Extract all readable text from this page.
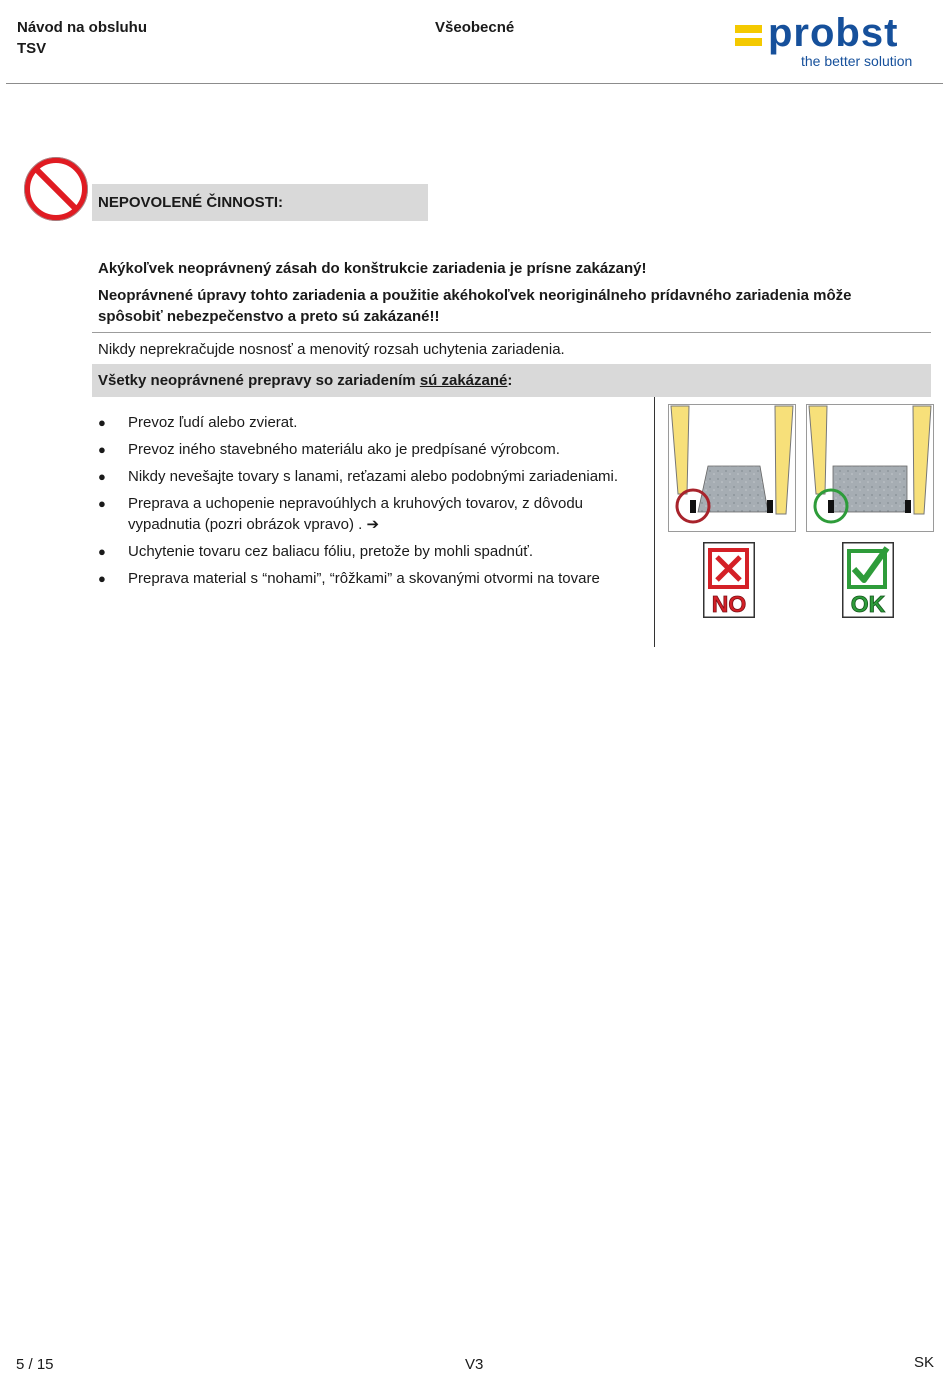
Návod na obsluhu
TSV
Všeobecné	probst
the better solution
NEPOVOLENÉ ČINNOSTI:
Akýkoľvek neoprávnený zásah do konštrukcie zariadenia je prísne zakázaný!
Neoprávnené úpravy tohto zariadenia a použitie akéhokoľvek neoriginálneho prídavného zariadenia môže
spôsobiť nebezpečenstvo a preto sú zakázané!!
Nikdy neprekračujde nosnosť a menovitý rozsah uchytenia zariadenia.
Všetky neoprávnené prepravy so zariadením sú zakázané:
● Prevoz ľudí alebo zvierat.
● Prevoz iného stavebného materiálu ako je predpísané výrobcom.
● Nikdy nevešajte tovary s lanami, reťazami alebo podobnými zariadeniami.
● Preprava a uchopenie nepravoúhlych a kruhových tovarov, z dôvodu vypadnutia (pozri obrázok vpravo) . ➔
● Uchytenie tovaru cez baliacu fóliu, pretože by mohli spadnúť.
● Preprava material s “nohami”, “rôžkami” a skovanými otvormi na tovare
NO	OK
5 / 15	V3	SK
